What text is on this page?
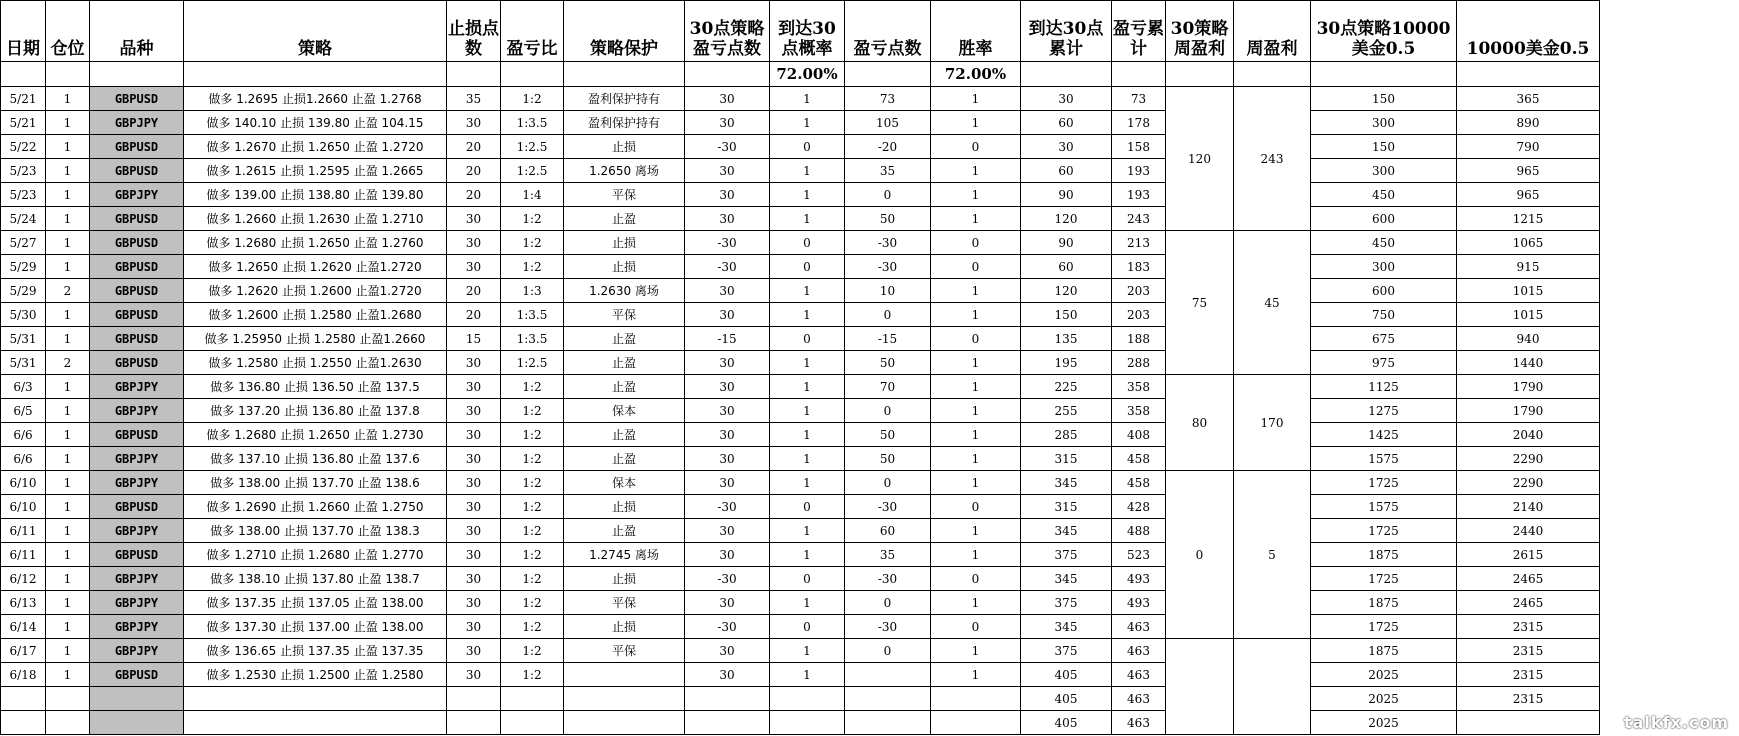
日期	仓位	品种	策略	止损点数	盈亏比	策略保护	30点策略盈亏点数	到达30点概率	盈亏点数	胜率	到达30点累计	盈亏累计	30策略周盈利	周盈利	30点策略10000美金0.5	10000美金0.5
								72.00%		72.00%						
5/21	1	GBPUSD	做多 1.2695 止损1.2660 止盈 1.2768	35	1:2	盈利保护持有	30	1	73	1	30	73	120	243	150	365
5/21	1	GBPJPY	做多 140.10 止损 139.80 止盈 104.15	30	1:3.5	盈利保护持有	30	1	105	1	60	178			300	890
5/22	1	GBPUSD	做多 1.2670 止损 1.2650 止盈 1.2720	20	1:2.5	止损	-30	0	-20	0	30	158			150	790
5/23	1	GBPUSD	做多 1.2615 止损 1.2595 止盈 1.2665	20	1:2.5	1.2650 离场	30	1	35	1	60	193			300	965
5/23	1	GBPJPY	做多 139.00 止损 138.80 止盈 139.80	20	1:4	平保	30	1	0	1	90	193			450	965
5/24	1	GBPUSD	做多 1.2660 止损 1.2630 止盈 1.2710	30	1:2	止盈	30	1	50	1	120	243			600	1215
5/27	1	GBPUSD	做多 1.2680 止损 1.2650 止盈 1.2760	30	1:2	止损	-30	0	-30	0	90	213	75	45	450	1065
5/29	1	GBPUSD	做多 1.2650 止损 1.2620 止盈1.2720	30	1:2	止损	-30	0	-30	0	60	183			300	915
5/29	2	GBPUSD	做多 1.2620 止损 1.2600 止盈1.2720	20	1:3	1.2630 离场	30	1	10	1	120	203			600	1015
5/30	1	GBPUSD	做多 1.2600 止损 1.2580 止盈1.2680	20	1:3.5	平保	30	1	0	1	150	203			750	1015
5/31	1	GBPUSD	做多 1.25950 止损 1.2580 止盈1.2660	15	1:3.5	止盈	-15	0	-15	0	135	188			675	940
5/31	2	GBPUSD	做多 1.2580 止损 1.2550 止盈1.2630	30	1:2.5	止盈	30	1	50	1	195	288			975	1440
6/3	1	GBPJPY	做多 136.80 止损 136.50 止盈 137.5	30	1:2	止盈	30	1	70	1	225	358	80	170	1125	1790
6/5	1	GBPJPY	做多 137.20 止损 136.80 止盈 137.8	30	1:2	保本	30	1	0	1	255	358			1275	1790
6/6	1	GBPUSD	做多 1.2680 止损 1.2650 止盈 1.2730	30	1:2	止盈	30	1	50	1	285	408			1425	2040
6/6	1	GBPJPY	做多 137.10 止损 136.80 止盈 137.6	30	1:2	止盈	30	1	50	1	315	458			1575	2290
6/10	1	GBPJPY	做多 138.00 止损 137.70 止盈 138.6	30	1:2	保本	30	1	0	1	345	458	0	5	1725	2290
6/10	1	GBPUSD	做多 1.2690 止损 1.2660 止盈 1.2750	30	1:2	止损	-30	0	-30	0	315	428			1575	2140
6/11	1	GBPJPY	做多 138.00 止损 137.70 止盈 138.3	30	1:2	止盈	30	1	60	1	345	488			1725	2440
6/11	1	GBPUSD	做多 1.2710 止损 1.2680 止盈 1.2770	30	1:2	1.2745 离场	30	1	35	1	375	523			1875	2615
6/12	1	GBPJPY	做多 138.10 止损 137.80 止盈 138.7	30	1:2	止损	-30	0	-30	0	345	493			1725	2465
6/13	1	GBPJPY	做多 137.35 止损 137.05 止盈 138.00	30	1:2	平保	30	1	0	1	375	493			1875	2465
6/14	1	GBPJPY	做多 137.30 止损 137.00 止盈 138.00	30	1:2	止损	-30	0	-30	0	345	463			1725	2315
6/17	1	GBPJPY	做多 136.65 止损 137.35 止盈 137.35	30	1:2	平保	30	1	0	1	375	463			1875	2315
6/18	1	GBPUSD	做多 1.2530 止损 1.2500 止盈 1.2580	30	1:2		30	1		1	405	463			2025	2315
											405	463			2025	2315
											405	463			2025		talkfx.com
